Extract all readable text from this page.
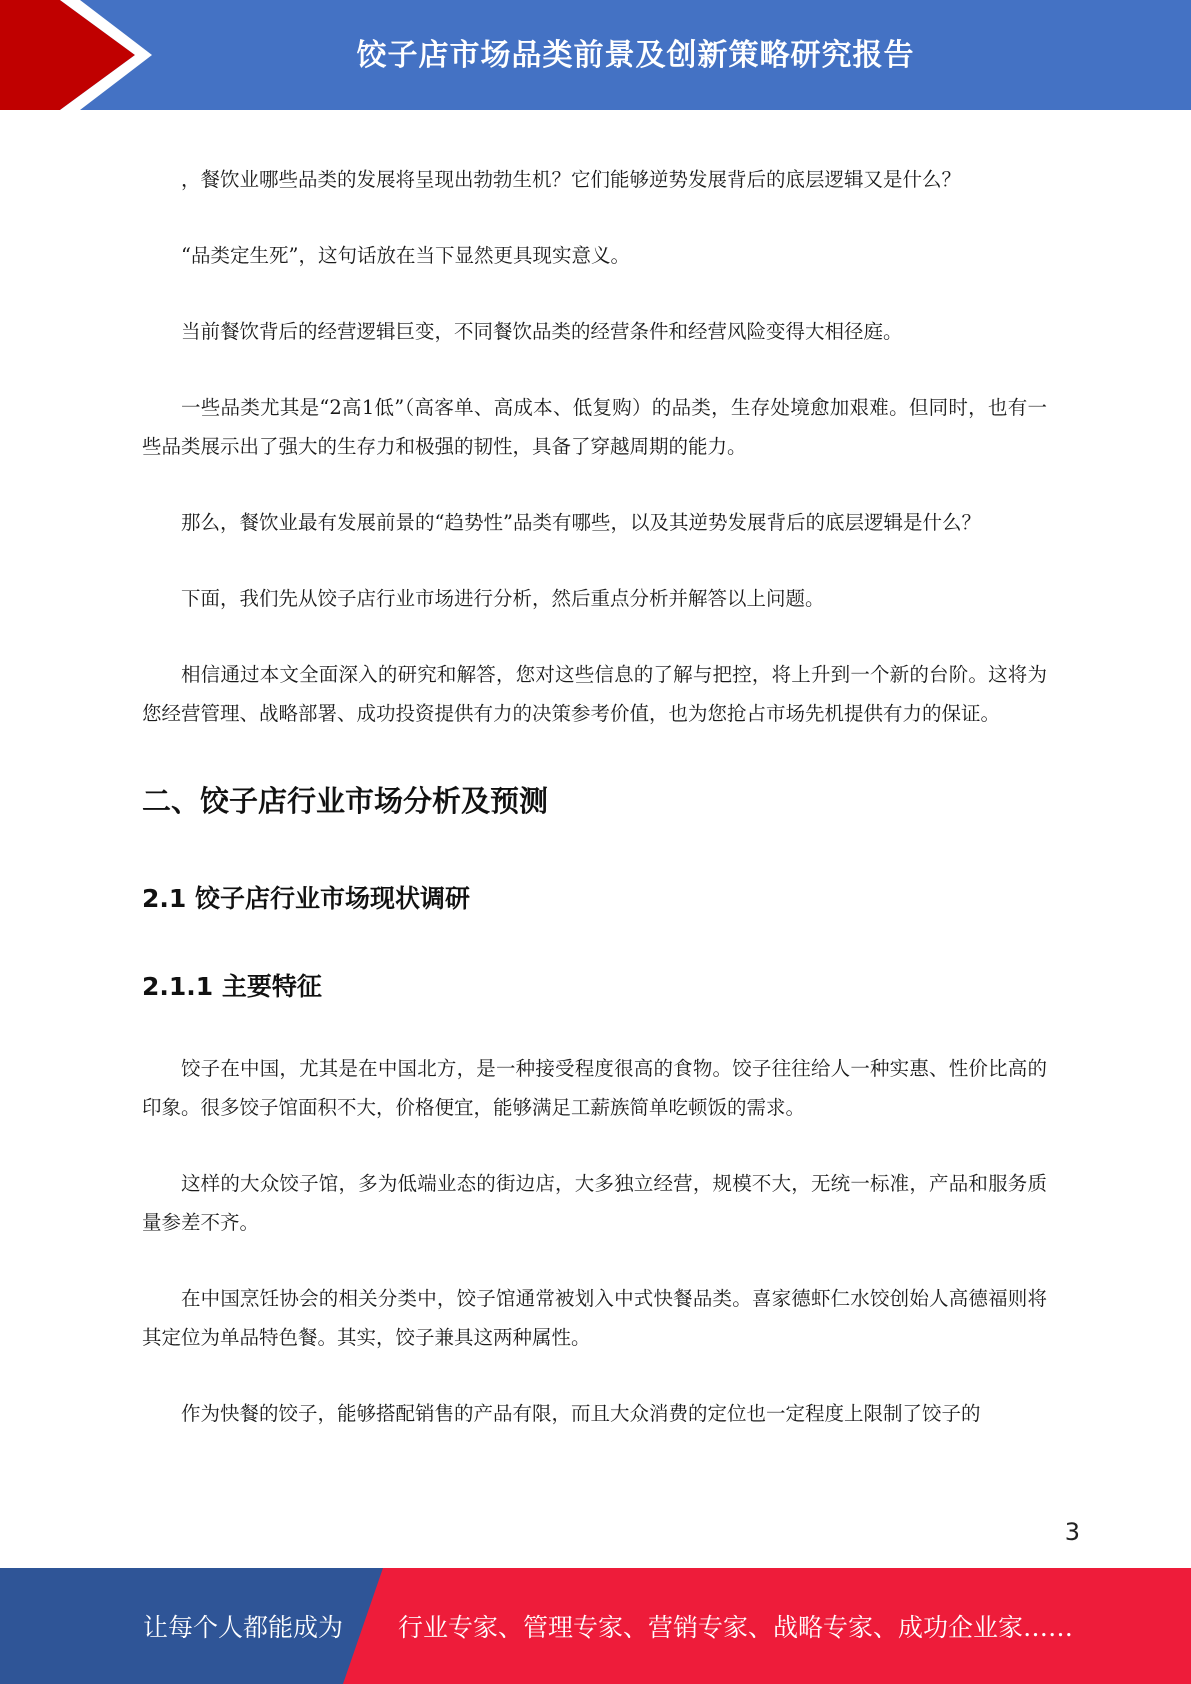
饺子店市场品类前景及创新策略研究报告

，餐饮业哪些品类的发展将呈现出勃勃生机？它们能够逆势发展背后的底层逻辑又是什么？

“品类定生死”，这句话放在当下显然更具现实意义。

当前餐饮背后的经营逻辑巨变，不同餐饮品类的经营条件和经营风险变得大相径庭。

一些品类尤其是“2高1低”（高客单、高成本、低复购）的品类，生存处境愈加艰难。但同时，也有一些品类展示出了强大的生存力和极强的韧性，具备了穿越周期的能力。

那么，餐饮业最有发展前景的“趋势性”品类有哪些，以及其逆势发展背后的底层逻辑是什么？

下面，我们先从饺子店行业市场进行分析，然后重点分析并解答以上问题。

相信通过本文全面深入的研究和解答，您对这些信息的了解与把控，将上升到一个新的台阶。这将为您经营管理、战略部署、成功投资提供有力的决策参考价值，也为您抢占市场先机提供有力的保证。

二、饺子店行业市场分析及预测
2.1 饺子店行业市场现状调研
2.1.1 主要特征

饺子在中国，尤其是在中国北方，是一种接受程度很高的食物。饺子往往给人一种实惠、性价比高的印象。很多饺子馆面积不大，价格便宜，能够满足工薪族简单吃顿饭的需求。

这样的大众饺子馆，多为低端业态的街边店，大多独立经营，规模不大，无统一标准，产品和服务质量参差不齐。

在中国烹饪协会的相关分类中，饺子馆通常被划入中式快餐品类。喜家德虾仁水饺创始人高德福则将其定位为单品特色餐。其实，饺子兼具这两种属性。

作为快餐的饺子，能够搭配销售的产品有限，而且大众消费的定位也一定程度上限制了饺子的

3
让每个人都能成为 行业专家、管理专家、营销专家、战略专家、成功企业家……
